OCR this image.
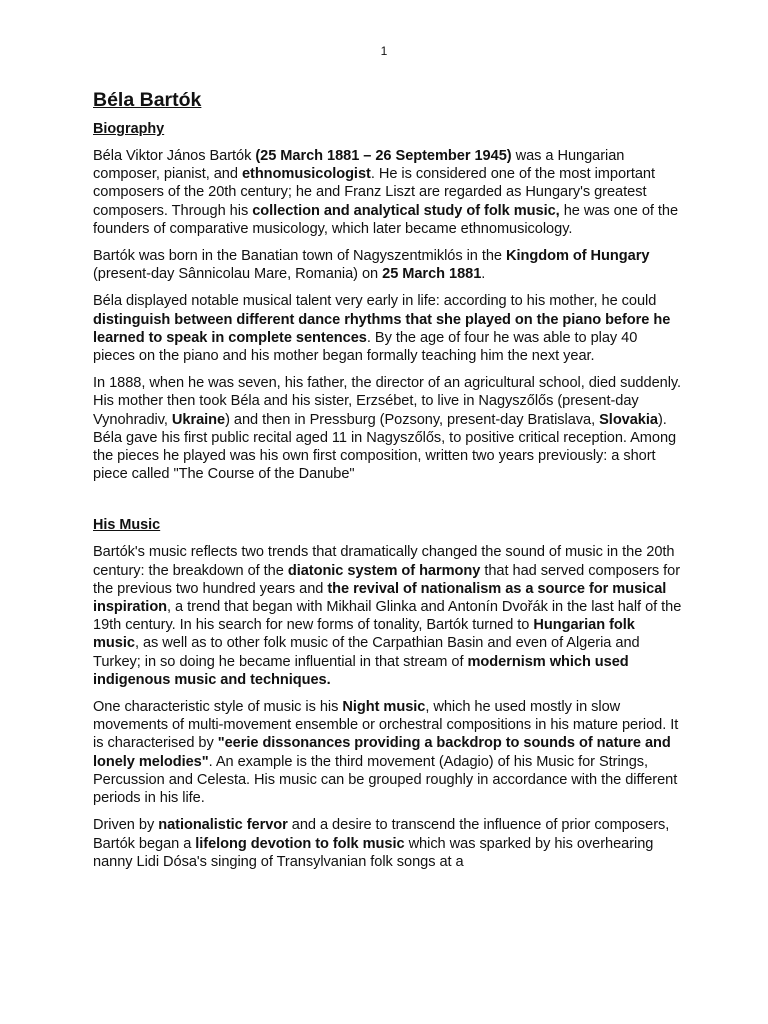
1
Béla Bartók
Biography

Béla Viktor János Bartók (25 March 1881 – 26 September 1945) was a Hungarian composer, pianist, and ethnomusicologist. He is considered one of the most important composers of the 20th century; he and Franz Liszt are regarded as Hungary's greatest composers. Through his collection and analytical study of folk music, he was one of the founders of comparative musicology, which later became ethnomusicology.

Bartók was born in the Banatian town of Nagyszentmiklós in the Kingdom of Hungary (present-day Sânnicolau Mare, Romania) on 25 March 1881.

Béla displayed notable musical talent very early in life: according to his mother, he could distinguish between different dance rhythms that she played on the piano before he learned to speak in complete sentences. By the age of four he was able to play 40 pieces on the piano and his mother began formally teaching him the next year.

In 1888, when he was seven, his father, the director of an agricultural school, died suddenly. His mother then took Béla and his sister, Erzsébet, to live in Nagyszőlős (present-day Vynohradiv, Ukraine) and then in Pressburg (Pozsony, present-day Bratislava, Slovakia). Béla gave his first public recital aged 11 in Nagyszőlős, to positive critical reception. Among the pieces he played was his own first composition, written two years previously: a short piece called "The Course of the Danube"

His Music

Bartók's music reflects two trends that dramatically changed the sound of music in the 20th century: the breakdown of the diatonic system of harmony that had served composers for the previous two hundred years and the revival of nationalism as a source for musical inspiration, a trend that began with Mikhail Glinka and Antonín Dvořák in the last half of the 19th century. In his search for new forms of tonality, Bartók turned to Hungarian folk music, as well as to other folk music of the Carpathian Basin and even of Algeria and Turkey; in so doing he became influential in that stream of modernism which used indigenous music and techniques.

One characteristic style of music is his Night music, which he used mostly in slow movements of multi-movement ensemble or orchestral compositions in his mature period. It is characterised by "eerie dissonances providing a backdrop to sounds of nature and lonely melodies". An example is the third movement (Adagio) of his Music for Strings, Percussion and Celesta. His music can be grouped roughly in accordance with the different periods in his life.

Driven by nationalistic fervor and a desire to transcend the influence of prior composers, Bartók began a lifelong devotion to folk music which was sparked by his overhearing nanny Lidi Dósa's singing of Transylvanian folk songs at a
